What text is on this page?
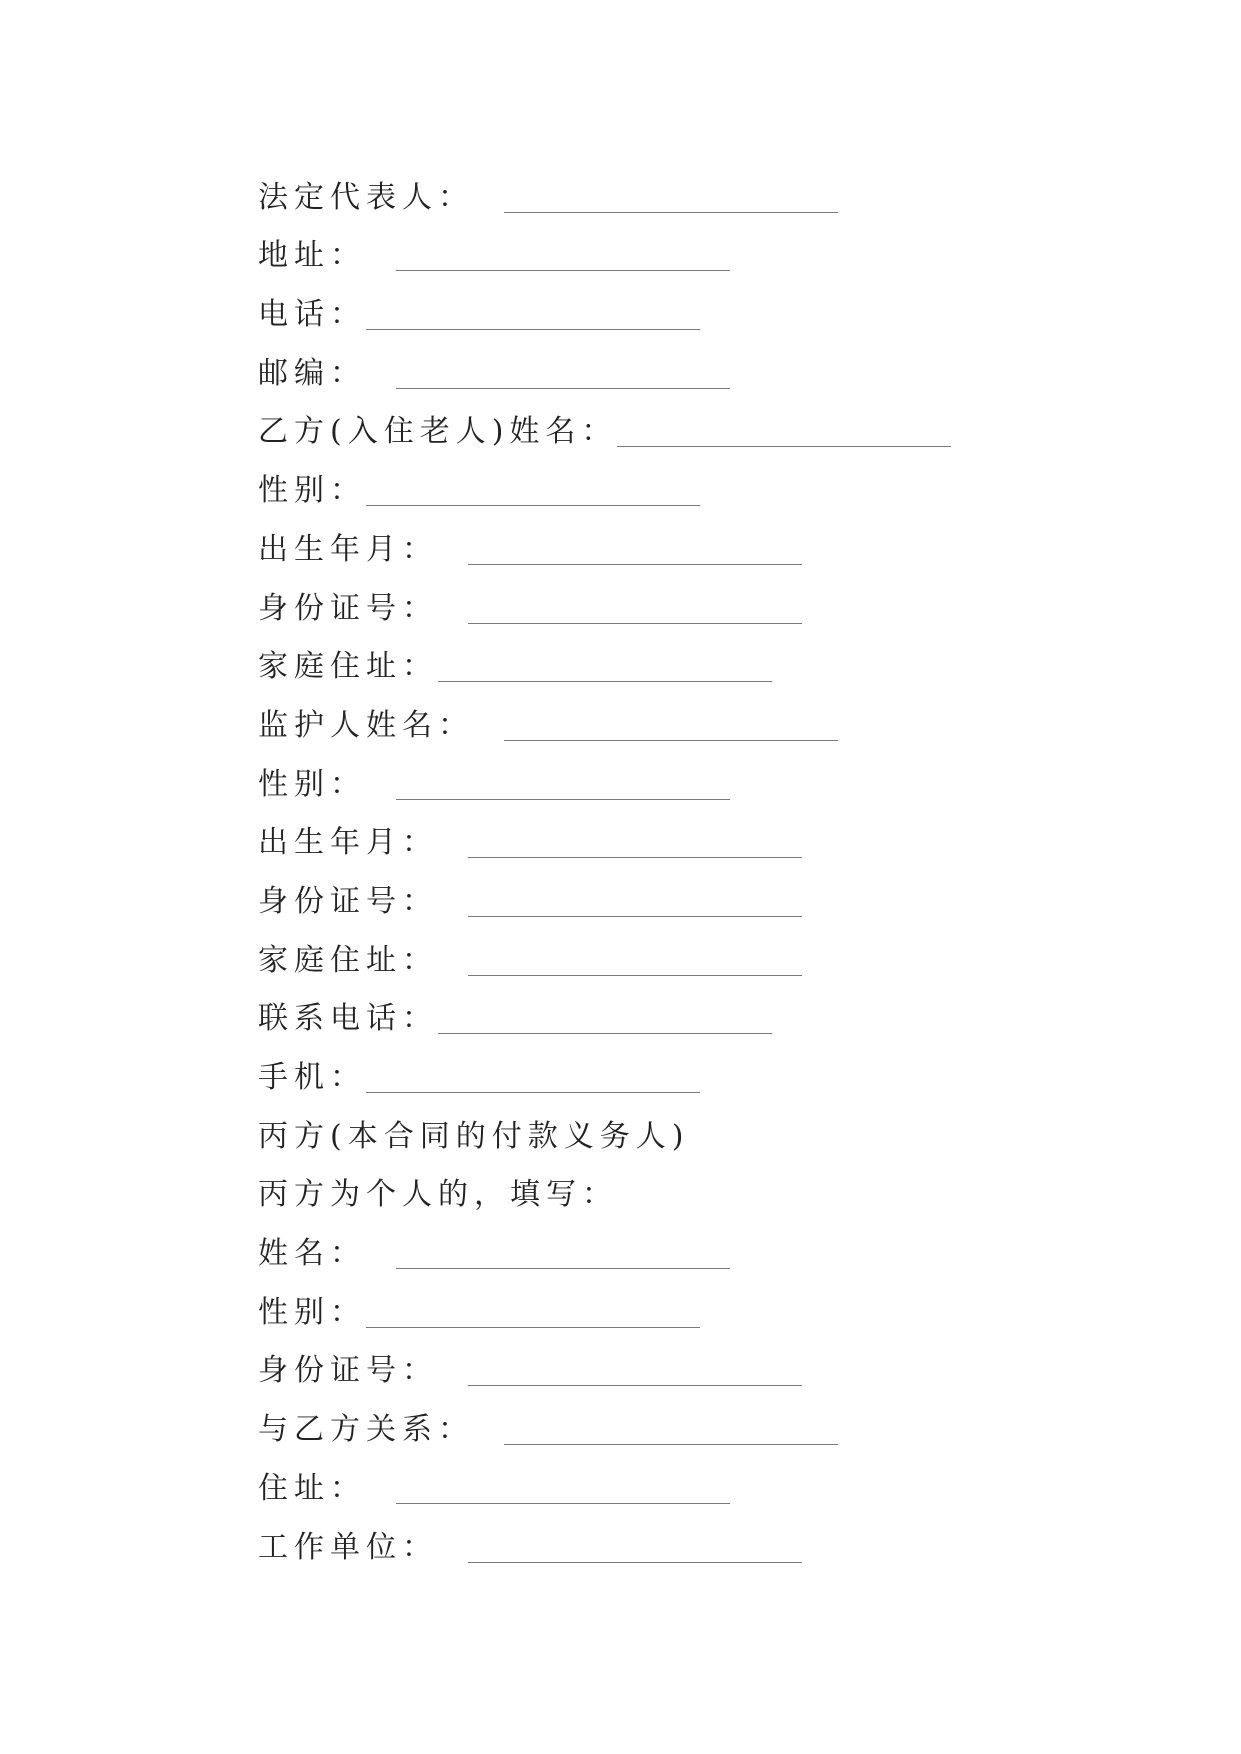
法定代表人：
地址：
电话：
邮编：
乙方(入住老人)姓名：
性别：
出生年月：
身份证号：
家庭住址：
监护人姓名：
性别：
出生年月：
身份证号：
家庭住址：
联系电话：
手机：
丙方(本合同的付款义务人)
丙方为个人的，填写：
姓名：
性别：
身份证号：
与乙方关系：
住址：
工作单位：
